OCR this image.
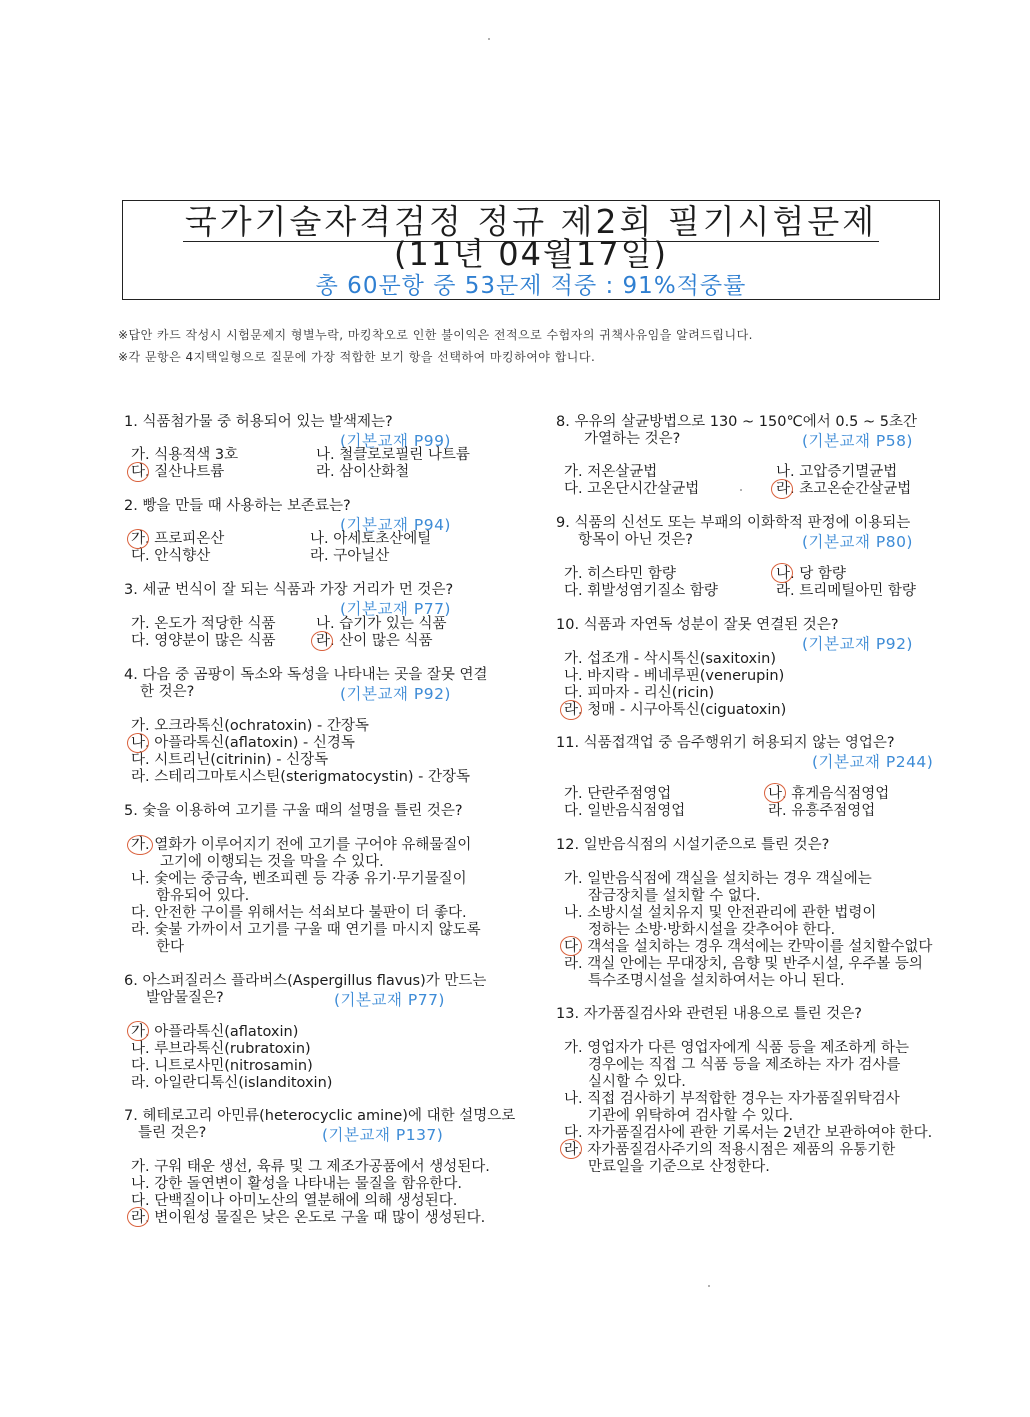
국가기술자격검정 정규 제2회 필기시험문제
(11년 04월17일)
총 60문항 중 53문제 적중 : 91%적중률
※답안 카드 작성시 시험문제지 형별누락, 마킹착오로 인한 불이익은 전적으로 수험자의 귀책사유임을 알려드립니다.
※각 문항은 4지택일형으로 질문에 가장 적합한 보기 항을 선택하여 마킹하여야 합니다.
1. 식품첨가물 중 허용되어 있는 발색제는?
(기본교재 P99)
가. 식용적색 3호	나. 철클로로필린 나트륨
다. 질산나트륨	라. 삼이산화철
2. 빵을 만들 때 사용하는 보존료는?
(기본교재 P94)
가. 프로피온산	나. 아세토초산에틸
다. 안식향산	라. 구아닐산
3. 세균 번식이 잘 되는 식품과 가장 거리가 먼 것은?
(기본교재 P77)
가. 온도가 적당한 식품	나. 습기가 있는 식품
다. 영양분이 많은 식품	라. 산이 많은 식품
4. 다음 중 곰팡이 독소와 독성을 나타내는 곳을 잘못 연결
한 것은?	(기본교재 P92)
가. 오크라톡신(ochratoxin) - 간장독
나. 아플라톡신(aflatoxin) - 신경독
다. 시트리닌(citrinin) - 신장독
라. 스테리그마토시스틴(sterigmatocystin) - 간장독
5. 숯을 이용하여 고기를 구울 때의 설명을 틀린 것은?
가. 열화가 이루어지기 전에 고기를 구어야 유해물질이
고기에 이행되는 것을 막을 수 있다.
나. 숯에는 중금속, 벤조피렌 등 각종 유기·무기물질이
함유되어 있다.
다. 안전한 구이를 위해서는 석쇠보다 불판이 더 좋다.
라. 숯불 가까이서 고기를 구울 때 연기를 마시지 않도록
한다
6. 아스퍼질러스 플라버스(Aspergillus flavus)가 만드는
발암물질은?	(기본교재 P77)
가. 아플라톡신(aflatoxin)
나. 루브라톡신(rubratoxin)
다. 니트로사민(nitrosamin)
라. 아일란디톡신(islanditoxin)
7. 헤테로고리 아민류(heterocyclic amine)에 대한 설명으로
틀린 것은?	(기본교재 P137)
가. 구워 태운 생선, 육류 및 그 제조가공품에서 생성된다.
나. 강한 돌연변이 활성을 나타내는 물질을 함유한다.
다. 단백질이나 아미노산의 열분해에 의해 생성된다.
라. 변이원성 물질은 낮은 온도로 구울 때 많이 생성된다.
8. 우유의 살균방법으로 130 ~ 150℃에서 0.5 ~ 5초간
가열하는 것은?	(기본교재 P58)
가. 저온살균법	나. 고압증기멸균법
다. 고온단시간살균법	라. 초고온순간살균법
9. 식품의 신선도 또는 부패의 이화학적 판정에 이용되는
항목이 아닌 것은?	(기본교재 P80)
가. 히스타민 함량	나. 당 함량
다. 휘발성염기질소 함량	라. 트리메틸아민 함량
10. 식품과 자연독 성분이 잘못 연결된 것은?
(기본교재 P92)
가. 섭조개 - 삭시톡신(saxitoxin)
나. 바지락 - 베네루핀(venerupin)
다. 피마자 - 리신(ricin)
라. 청매 - 시구아톡신(ciguatoxin)
11. 식품접객업 중 음주행위기 허용되지 않는 영업은?
(기본교재 P244)
가. 단란주점영업	나. 휴게음식점영업
다. 일반음식점영업	라. 유흥주점영업
12. 일반음식점의 시설기준으로 틀린 것은?
가. 일반음식점에 객실을 설치하는 경우 객실에는
잠금장치를 설치할 수 없다.
나. 소방시설 설치유지 및 안전관리에 관한 법령이
정하는 소방·방화시설을 갖추어야 한다.
다. 객석을 설치하는 경우 객석에는 칸막이를 설치할수없다
라. 객실 안에는 무대장치, 음향 및 반주시설, 우주볼 등의
특수조명시설을 설치하여서는 아니 된다.
13. 자가품질검사와 관련된 내용으로 틀린 것은?
가. 영업자가 다른 영업자에게 식품 등을 제조하게 하는
경우에는 직접 그 식품 등을 제조하는 자가 검사를
실시할 수 있다.
나. 직접 검사하기 부적합한 경우는 자가품질위탁검사
기관에 위탁하여 검사할 수 있다.
다. 자가품질검사에 관한 기록서는 2년간 보관하여야 한다.
라. 자가품질검사주기의 적용시점은 제품의 유통기한
만료일을 기준으로 산정한다.
